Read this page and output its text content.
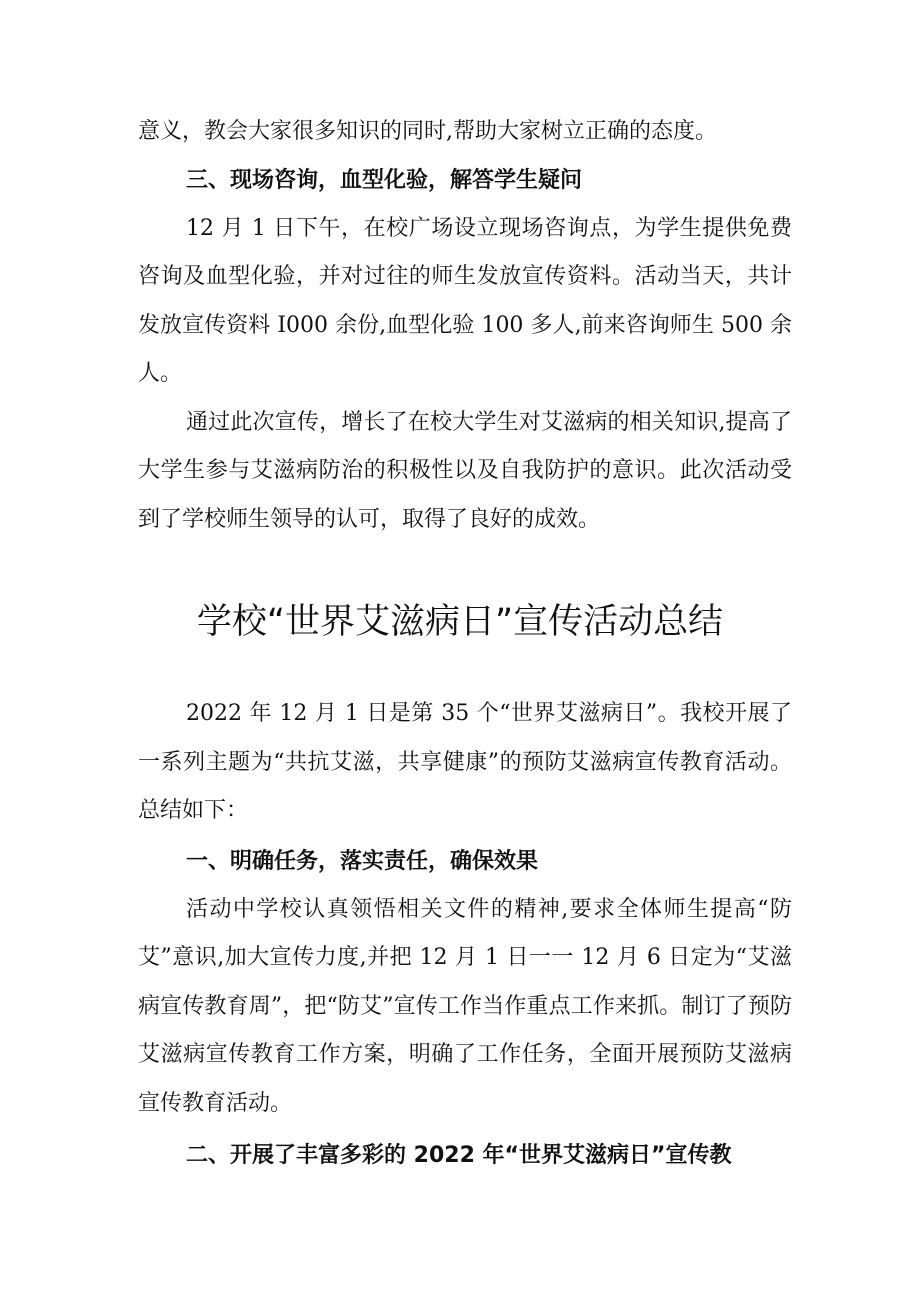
意义，教会大家很多知识的同时,帮助大家树立正确的态度。

三、现场咨询，血型化验，解答学生疑问

12 月 1 日下午，在校广场设立现场咨询点，为学生提供免费咨询及血型化验，并对过往的师生发放宣传资料。活动当天，共计发放宣传资料 I000 余份,血型化验 100 多人,前来咨询师生 500 余人。

通过此次宣传，增长了在校大学生对艾滋病的相关知识,提高了大学生参与艾滋病防治的积极性以及自我防护的意识。此次活动受到了学校师生领导的认可，取得了良好的成效。

学校“世界艾滋病日”宣传活动总结

2022 年 12 月 1 日是第 35 个“世界艾滋病日”。我校开展了一系列主题为“共抗艾滋，共享健康”的预防艾滋病宣传教育活动。总结如下：

一、明确任务，落实责任，确保效果

活动中学校认真领悟相关文件的精神,要求全体师生提高“防艾”意识,加大宣传力度,并把 12 月 1 日一一 12 月 6 日定为“艾滋病宣传教育周”，把“防艾”宣传工作当作重点工作来抓。制订了预防艾滋病宣传教育工作方案，明确了工作任务，全面开展预防艾滋病宣传教育活动。

二、开展了丰富多彩的 2022 年“世界艾滋病日”宣传教
